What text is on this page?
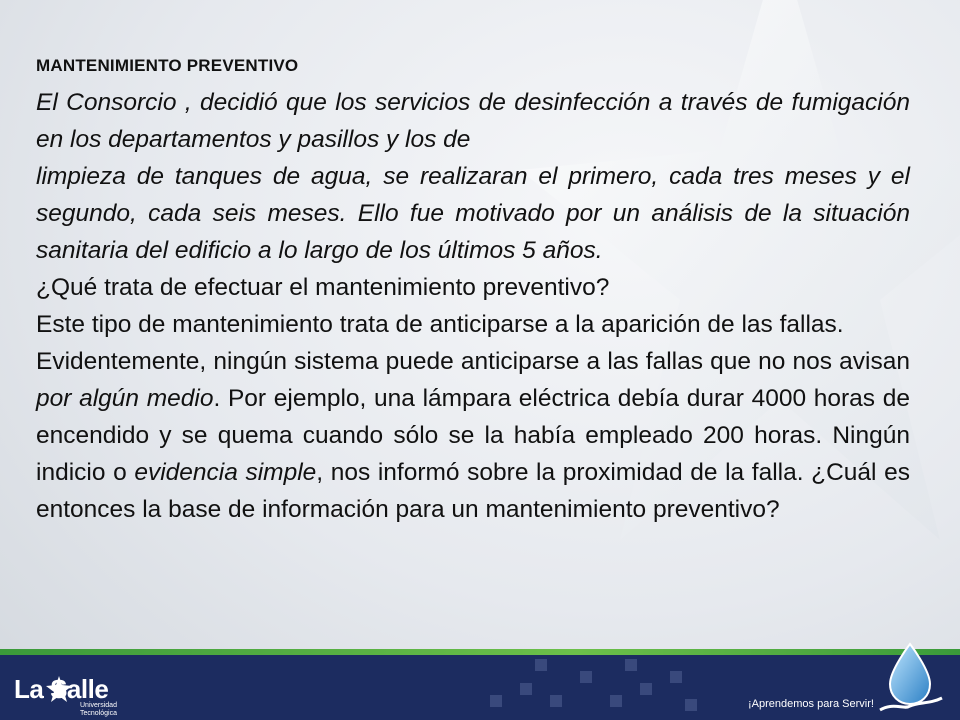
MANTENIMIENTO PREVENTIVO

El Consorcio , decidió que los servicios de desinfección a través de fumigación en los departamentos y pasillos y los de

limpieza de tanques de agua, se realizaran el primero, cada tres meses y el segundo, cada seis meses. Ello fue motivado por un análisis de la situación sanitaria del edificio a lo largo de los últimos 5 años.

¿Qué trata de efectuar el mantenimiento preventivo?

Este tipo de mantenimiento trata de anticiparse a la aparición de las fallas.

Evidentemente, ningún sistema puede anticiparse a las fallas que no nos avisan por algún medio. Por ejemplo, una lámpara eléctrica debía durar 4000 horas de encendido y se quema cuando sólo se la había empleado 200 horas. Ningún indicio o evidencia simple, nos informó sobre la proximidad de la falla. ¿Cuál es entonces la base de información para un mantenimiento preventivo?

La Salle
Universidad
Tecnológica
¡Aprendemos para Servir!
